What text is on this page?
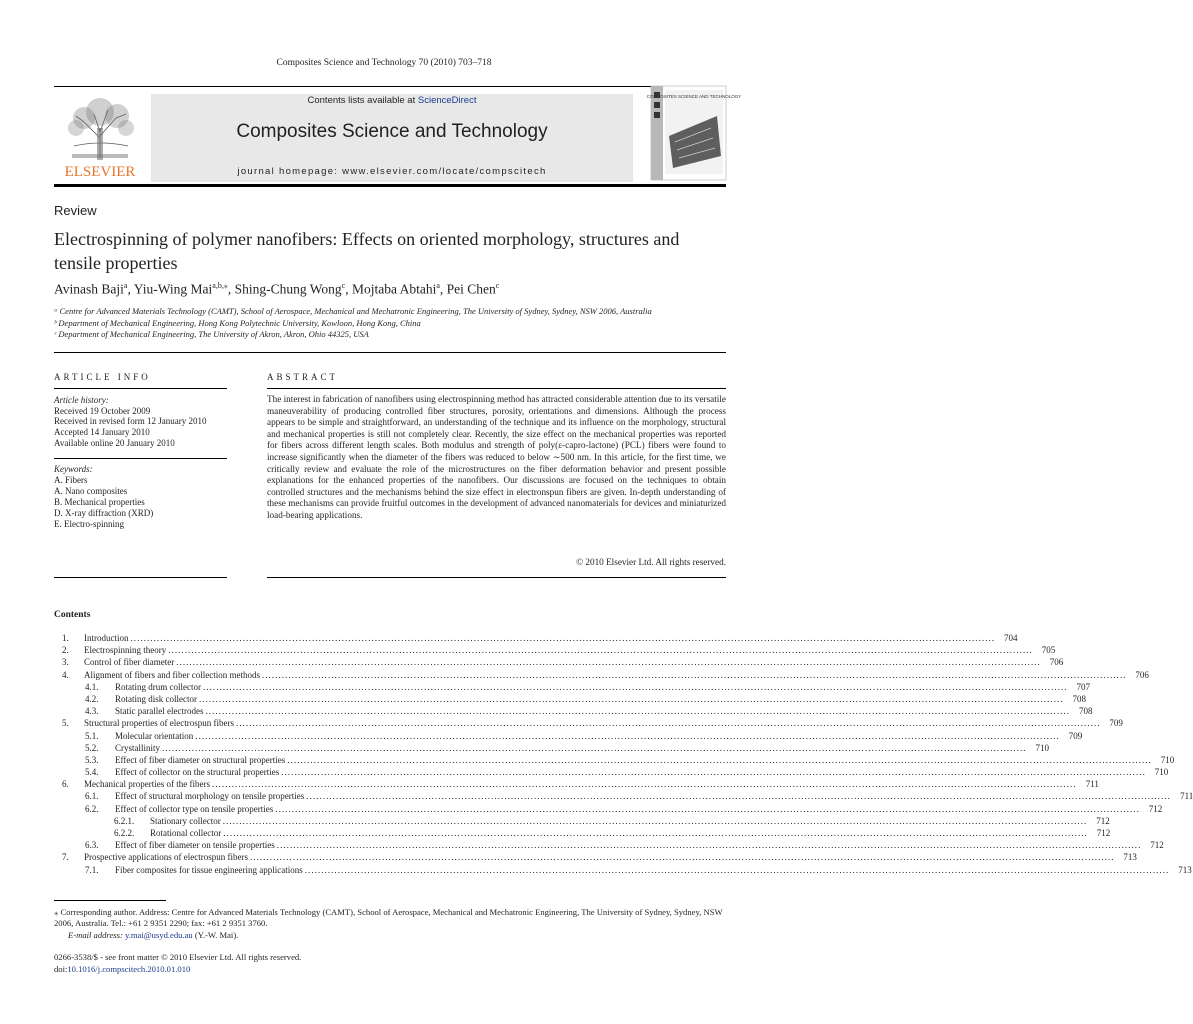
Composites Science and Technology 70 (2010) 703–718
ELSEVIER
Contents lists available at ScienceDirect
Composites Science and Technology
journal homepage: www.elsevier.com/locate/compscitech
COMPOSITES SCIENCE AND TECHNOLOGY
Review
Electrospinning of polymer nanofibers: Effects on oriented morphology, structures and tensile properties
Avinash Baji$^a$, Yiu-Wing Mai$^{a,b,⁎}$, Shing-Chung Wong$^c$, Mojtaba Abtahi$^a$, Pei Chen$^c$
ᵃ Centre for Advanced Materials Technology (CAMT), School of Aerospace, Mechanical and Mechatronic Engineering, The University of Sydney, Sydney, NSW 2006, Australia
ᵇ Department of Mechanical Engineering, Hong Kong Polytechnic University, Kowloon, Hong Kong, China
ᶜ Department of Mechanical Engineering, The University of Akron, Akron, Ohio 44325, USA
ARTICLE INFO	ABSTRACT
Article history:
Received 19 October 2009
Received in revised form 12 January 2010
Accepted 14 January 2010
Available online 20 January 2010
Keywords:
A. Fibers
A. Nano composites
B. Mechanical properties
D. X-ray diffraction (XRD)
E. Electro-spinning
The interest in fabrication of nanofibers using electrospinning method has attracted considerable attention due to its versatile maneuverability of producing controlled fiber structures, porosity, orientations and dimensions. Although the process appears to be simple and straightforward, an understanding of the technique and its influence on the morphology, structural and mechanical properties is still not completely clear. Recently, the size effect on the mechanical properties was reported for fibers across different length scales. Both modulus and strength of poly(ε-capro-lactone) (PCL) fibers were found to increase significantly when the diameter of the fibers was reduced to below ∼500 nm. In this article, for the first time, we critically review and evaluate the role of the microstructures on the fiber deformation behavior and present possible explanations for the enhanced properties of the nanofibers. Our discussions are focused on the techniques to obtain controlled structures and the mechanisms behind the size effect in electronspun fibers are given. In-depth understanding of these mechanisms can provide fruitful outcomes in the development of advanced nanomaterials for devices and miniaturized load-bearing applications.
© 2010 Elsevier Ltd. All rights reserved.
Contents
1.	Introduction . . .	704
2.	Electrospinning theory . . .	705
3.	Control of fiber diameter . . .	706
4.	Alignment of fibers and fiber collection methods . . .	706
4.1.	Rotating drum collector . . .	707
4.2.	Rotating disk collector . . .	708
4.3.	Static parallel electrodes . . .	708
5.	Structural properties of electrospun fibers . . .	709
5.1.	Molecular orientation . . .	709
5.2.	Crystallinity . . .	710
5.3.	Effect of fiber diameter on structural properties . . .	710
5.4.	Effect of collector on the structural properties . . .	710
6.	Mechanical properties of the fibers . . .	711
6.1.	Effect of structural morphology on tensile properties . . .	711
6.2.	Effect of collector type on tensile properties . . .	712
6.2.1.	Stationary collector . . .	712
6.2.2.	Rotational collector . . .	712
6.3.	Effect of fiber diameter on tensile properties . . .	712
7.	Prospective applications of electrospun fibers . . .	713
7.1.	Fiber composites for tissue engineering applications . . .	713
⁎ Corresponding author. Address: Centre for Advanced Materials Technology (CAMT), School of Aerospace, Mechanical and Mechatronic Engineering, The University of Sydney, Sydney, NSW 2006, Australia. Tel.: +61 2 9351 2290; fax: +61 2 9351 3760.
E-mail address: y.mai@usyd.edu.au (Y.-W. Mai).
0266-3538/$ - see front matter © 2010 Elsevier Ltd. All rights reserved.
doi:10.1016/j.compscitech.2010.01.010
